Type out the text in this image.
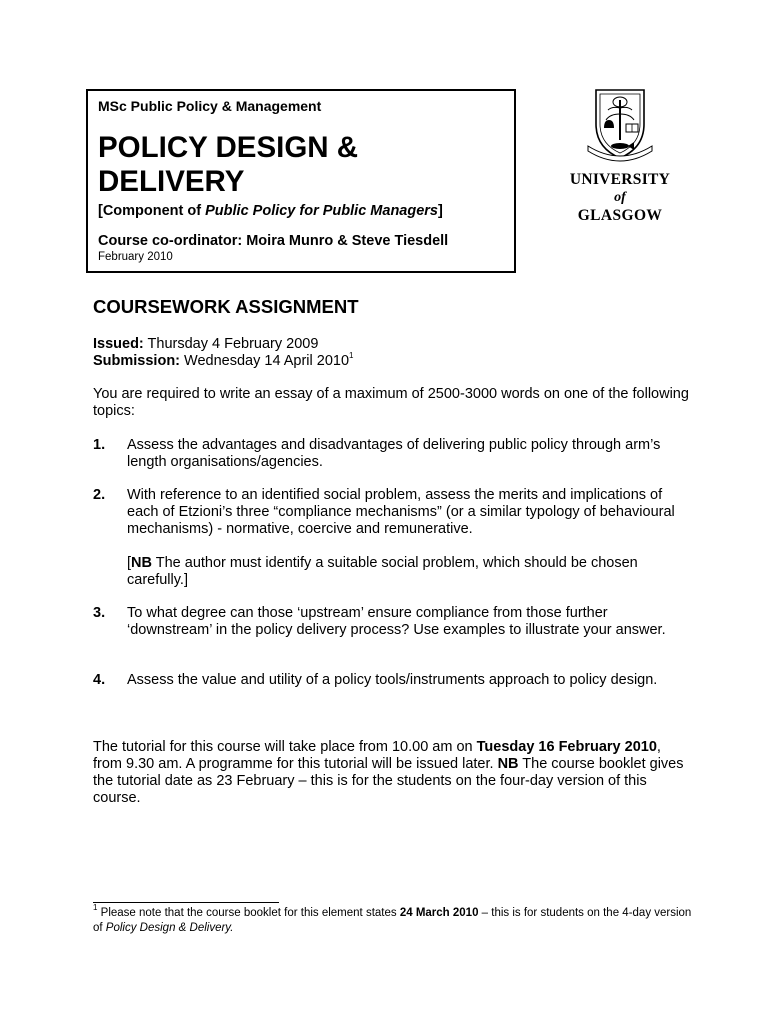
MSc Public Policy & Management
POLICY DESIGN &
DELIVERY
[Component of Public Policy for Public Managers]
Course co-ordinator: Moira Munro & Steve Tiesdell
February 2010
UNIVERSITY
of
GLASGOW
COURSEWORK ASSIGNMENT
Issued: Thursday 4 February 2009
Submission: Wednesday 14 April 2010$^1$
You are required to write an essay of a maximum of 2500-3000 words on one of the following topics:
1. Assess the advantages and disadvantages of delivering public policy through arm’s length organisations/agencies.
2. With reference to an identified social problem, assess the merits and implications of each of Etzioni’s three “compliance mechanisms” (or a similar typology of behavioural mechanisms) - normative, coercive and remunerative.
[NB The author must identify a suitable social problem, which should be chosen carefully.]
3. To what degree can those ‘upstream’ ensure compliance from those further ‘downstream’ in the policy delivery process? Use examples to illustrate your answer.
4. Assess the value and utility of a policy tools/instruments approach to policy design.
The tutorial for this course will take place from 10.00 am on Tuesday 16 February 2010, from 9.30 am. A programme for this tutorial will be issued later. NB The course booklet gives the tutorial date as 23 February – this is for the students on the four-day version of this course.
$^1$ Please note that the course booklet for this element states 24 March 2010 – this is for students on the 4-day version of Policy Design & Delivery.
